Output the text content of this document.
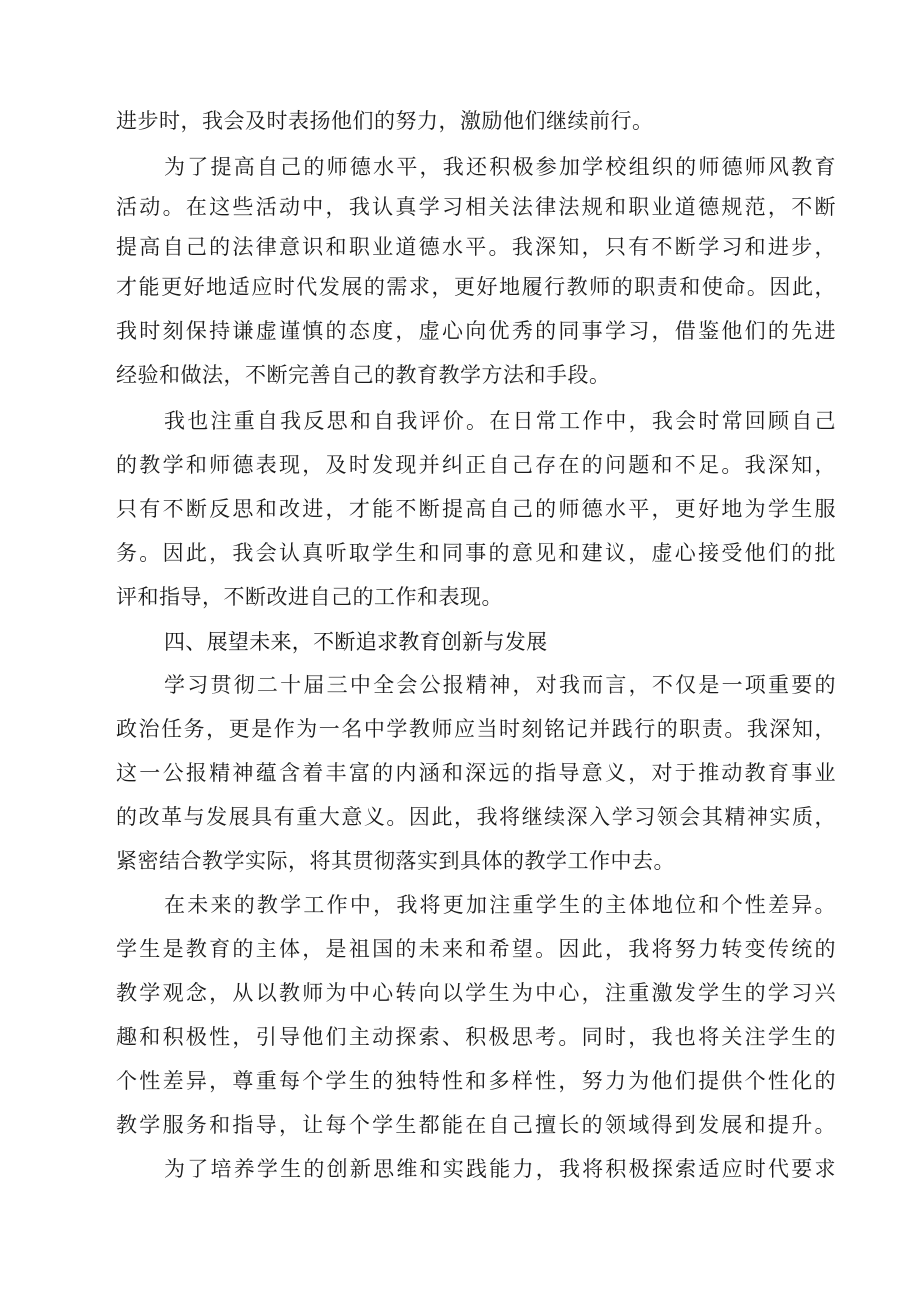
进步时，我会及时表扬他们的努力，激励他们继续前行。
为了提高自己的师德水平，我还积极参加学校组织的师德师风教育
活动。在这些活动中，我认真学习相关法律法规和职业道德规范，不断
提高自己的法律意识和职业道德水平。我深知，只有不断学习和进步，
才能更好地适应时代发展的需求，更好地履行教师的职责和使命。因此，
我时刻保持谦虚谨慎的态度，虚心向优秀的同事学习，借鉴他们的先进
经验和做法，不断完善自己的教育教学方法和手段。
我也注重自我反思和自我评价。在日常工作中，我会时常回顾自己
的教学和师德表现，及时发现并纠正自己存在的问题和不足。我深知，
只有不断反思和改进，才能不断提高自己的师德水平，更好地为学生服
务。因此，我会认真听取学生和同事的意见和建议，虚心接受他们的批
评和指导，不断改进自己的工作和表现。
四、展望未来，不断追求教育创新与发展
学习贯彻二十届三中全会公报精神，对我而言，不仅是一项重要的
政治任务，更是作为一名中学教师应当时刻铭记并践行的职责。我深知，
这一公报精神蕴含着丰富的内涵和深远的指导意义，对于推动教育事业
的改革与发展具有重大意义。因此，我将继续深入学习领会其精神实质，
紧密结合教学实际，将其贯彻落实到具体的教学工作中去。
在未来的教学工作中，我将更加注重学生的主体地位和个性差异。
学生是教育的主体，是祖国的未来和希望。因此，我将努力转变传统的
教学观念，从以教师为中心转向以学生为中心，注重激发学生的学习兴
趣和积极性，引导他们主动探索、积极思考。同时，我也将关注学生的
个性差异，尊重每个学生的独特性和多样性，努力为他们提供个性化的
教学服务和指导，让每个学生都能在自己擅长的领域得到发展和提升。
为了培养学生的创新思维和实践能力，我将积极探索适应时代要求
